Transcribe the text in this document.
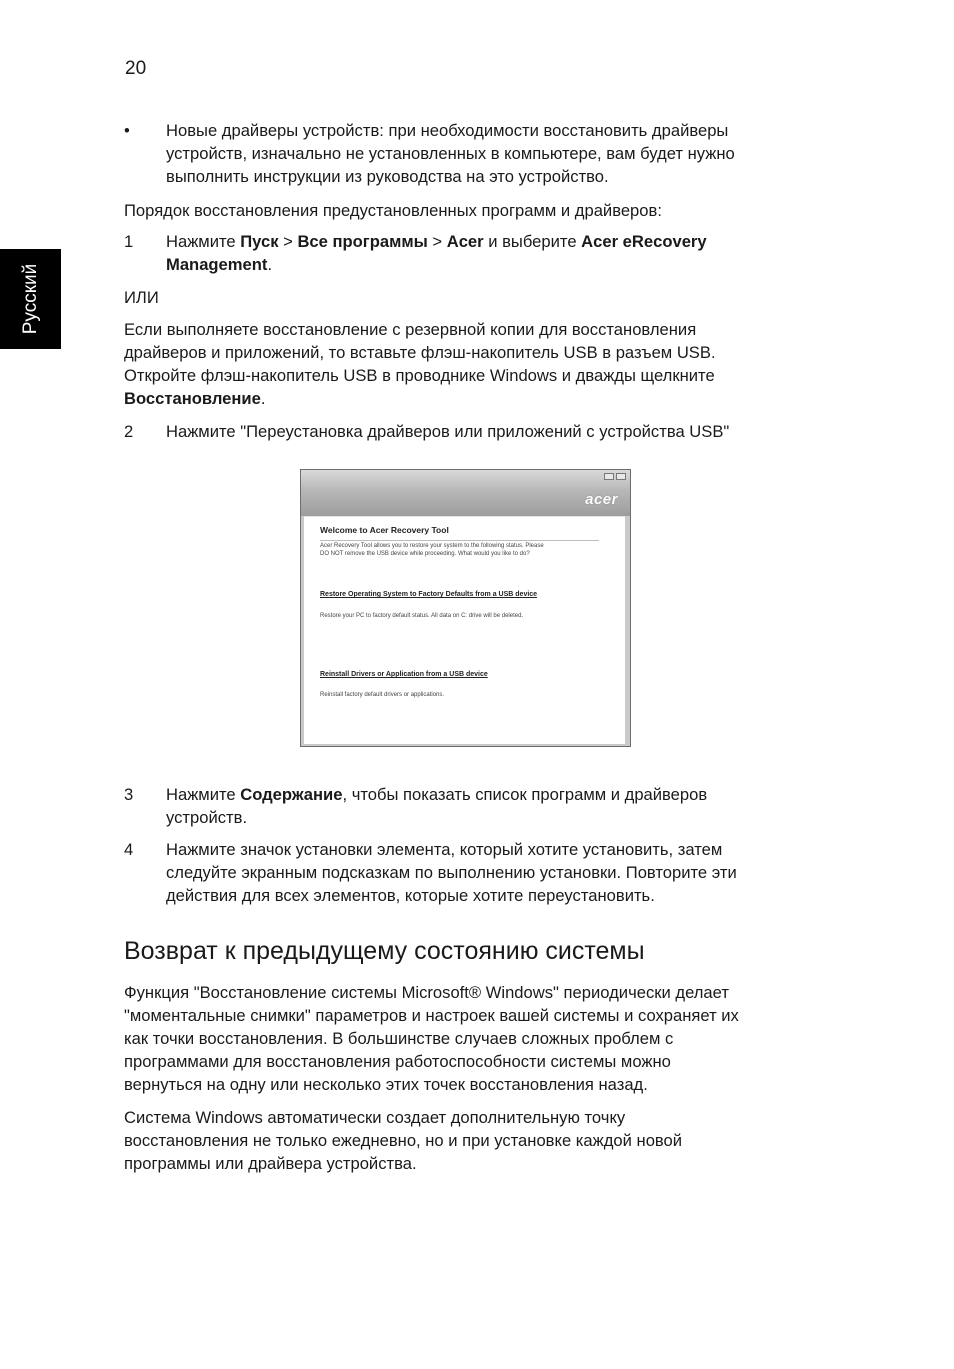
20
Русский
• Новые драйверы устройств: при необходимости восстановить драйверы
устройств, изначально не установленных в компьютере, вам будет нужно
выполнить инструкции из руководства на это устройство.
Порядок восстановления предустановленных программ и драйверов:
1 Нажмите Пуск > Все программы > Acer и выберите Acer eRecovery
Management.
ИЛИ
Если выполняете восстановление с резервной копии для восстановления
драйверов и приложений, то вставьте флэш-накопитель USB в разъем USB.
Откройте флэш-накопитель USB в проводнике Windows и дважды щелкните
Восстановление.
2 Нажмите "Переустановка драйверов или приложений с устройства USB"
acer
Welcome to Acer Recovery Tool
Acer Recovery Tool allows you to restore your system to the following status. Please
DO NOT remove the USB device while proceeding. What would you like to do?
Restore Operating System to Factory Defaults from a USB device
Restore your PC to factory default status. All data on C: drive will be deleted.
Reinstall Drivers or Application from a USB device
Reinstall factory default drivers or applications.
3 Нажмите Содержание, чтобы показать список программ и драйверов
устройств.
4 Нажмите значок установки элемента, который хотите установить, затем
следуйте экранным подсказкам по выполнению установки. Повторите эти
действия для всех элементов, которые хотите переустановить.
Возврат к предыдущему состоянию системы
Функция "Восстановление системы Microsoft® Windows" периодически делает
"моментальные снимки" параметров и настроек вашей системы и сохраняет их
как точки восстановления. В большинстве случаев сложных проблем с
программами для восстановления работоспособности системы можно
вернуться на одну или несколько этих точек восстановления назад.
Система Windows автоматически создает дополнительную точку
восстановления не только ежедневно, но и при установке каждой новой
программы или драйвера устройства.
